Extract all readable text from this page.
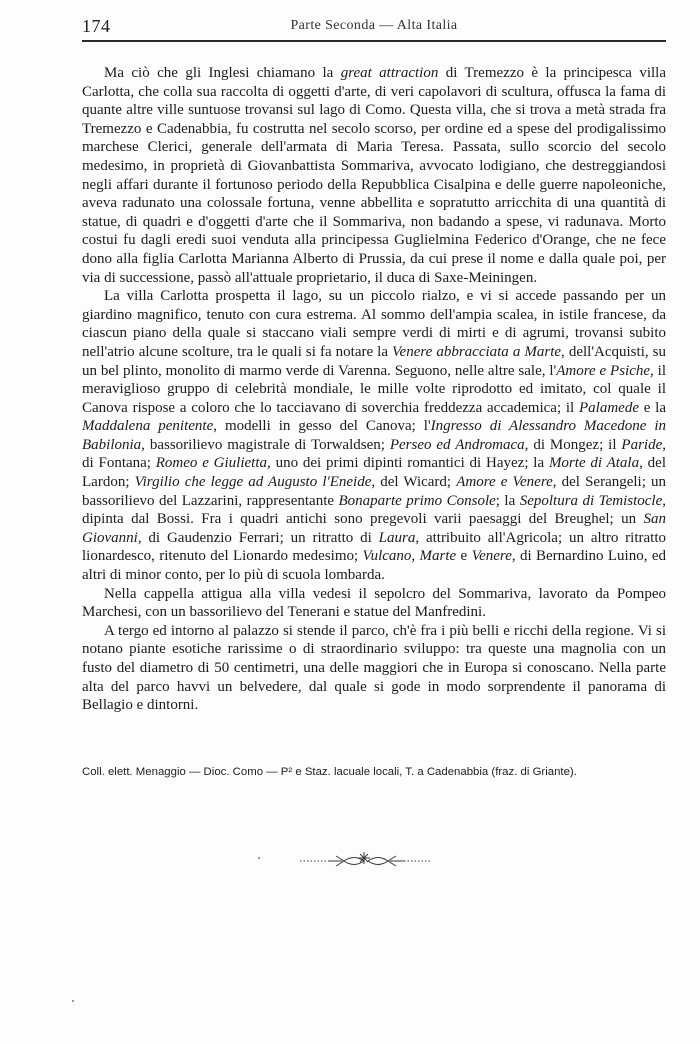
174	Parte Seconda — Alta Italia

Ma ciò che gli Inglesi chiamano la great attraction di Tremezzo è la principesca villa Carlotta, che colla sua raccolta di oggetti d'arte, di veri capolavori di scultura, offusca la fama di quante altre ville suntuose trovansi sul lago di Como. Questa villa, che si trova a metà strada fra Tremezzo e Cadenabbia, fu costrutta nel secolo scorso, per ordine ed a spese del prodigalissimo marchese Clerici, generale dell'armata di Maria Teresa. Passata, sullo scorcio del secolo medesimo, in proprietà di Giovanbattista Sommariva, avvocato lodigiano, che destreggiandosi negli affari durante il fortunoso periodo della Repubblica Cisalpina e delle guerre napoleoniche, aveva radunato una colossale fortuna, venne abbellita e sopratutto arricchita di una quantità di statue, di quadri e d'oggetti d'arte che il Sommariva, non badando a spese, vi radunava. Morto costui fu dagli eredi suoi venduta alla principessa Guglielmina Federico d'Orange, che ne fece dono alla figlia Carlotta Marianna Alberto di Prussia, da cui prese il nome e dalla quale poi, per via di successione, passò all'attuale proprietario, il duca di Saxe-Meiningen.

La villa Carlotta prospetta il lago, su un piccolo rialzo, e vi si accede passando per un giardino magnifico, tenuto con cura estrema. Al sommo dell'ampia scalea, in istile francese, da ciascun piano della quale si staccano viali sempre verdi di mirti e di agrumi, trovansi subito nell'atrio alcune scolture, tra le quali si fa notare la Venere abbracciata a Marte, dell'Acquisti, su un bel plinto, monolito di marmo verde di Varenna. Seguono, nelle altre sale, l'Amore e Psiche, il meraviglioso gruppo di celebrità mondiale, le mille volte riprodotto ed imitato, col quale il Canova rispose a coloro che lo tacciavano di soverchia freddezza accademica; il Palamede e la Maddalena penitente, modelli in gesso del Canova; l'Ingresso di Alessandro Macedone in Babilonia, bassorilievo magistrale di Torwaldsen; Perseo ed Andromaca, di Mongez; il Paride, di Fontana; Romeo e Giulietta, uno dei primi dipinti romantici di Hayez; la Morte di Atala, del Lardon; Virgilio che legge ad Augusto l'Eneide, del Wicard; Amore e Venere, del Serangeli; un bassorilievo del Lazzarini, rappresentante Bonaparte primo Console; la Sepoltura di Temistocle, dipinta dal Bossi. Fra i quadri antichi sono pregevoli varii paesaggi del Breughel; un San Giovanni, di Gaudenzio Ferrari; un ritratto di Laura, attribuito all'Agricola; un altro ritratto lionardesco, ritenuto del Lionardo medesimo; Vulcano, Marte e Venere, di Bernardino Luino, ed altri di minor conto, per lo più di scuola lombarda.

Nella cappella attigua alla villa vedesi il sepolcro del Sommariva, lavorato da Pompeo Marchesi, con un bassorilievo del Tenerani e statue del Manfredini.

A tergo ed intorno al palazzo si stende il parco, ch'è fra i più belli e ricchi della regione. Vi si notano piante esotiche rarissime o di straordinario sviluppo: tra queste una magnolia con un fusto del diametro di 50 centimetri, una delle maggiori che in Europa si conoscano. Nella parte alta del parco havvi un belvedere, dal quale si gode in modo sorprendente il panorama di Bellagio e dintorni.

Coll. elett. Menaggio — Dioc. Como — P² e Staz. lacuale locali, T. a Cadenabbia (fraz. di Griante).
